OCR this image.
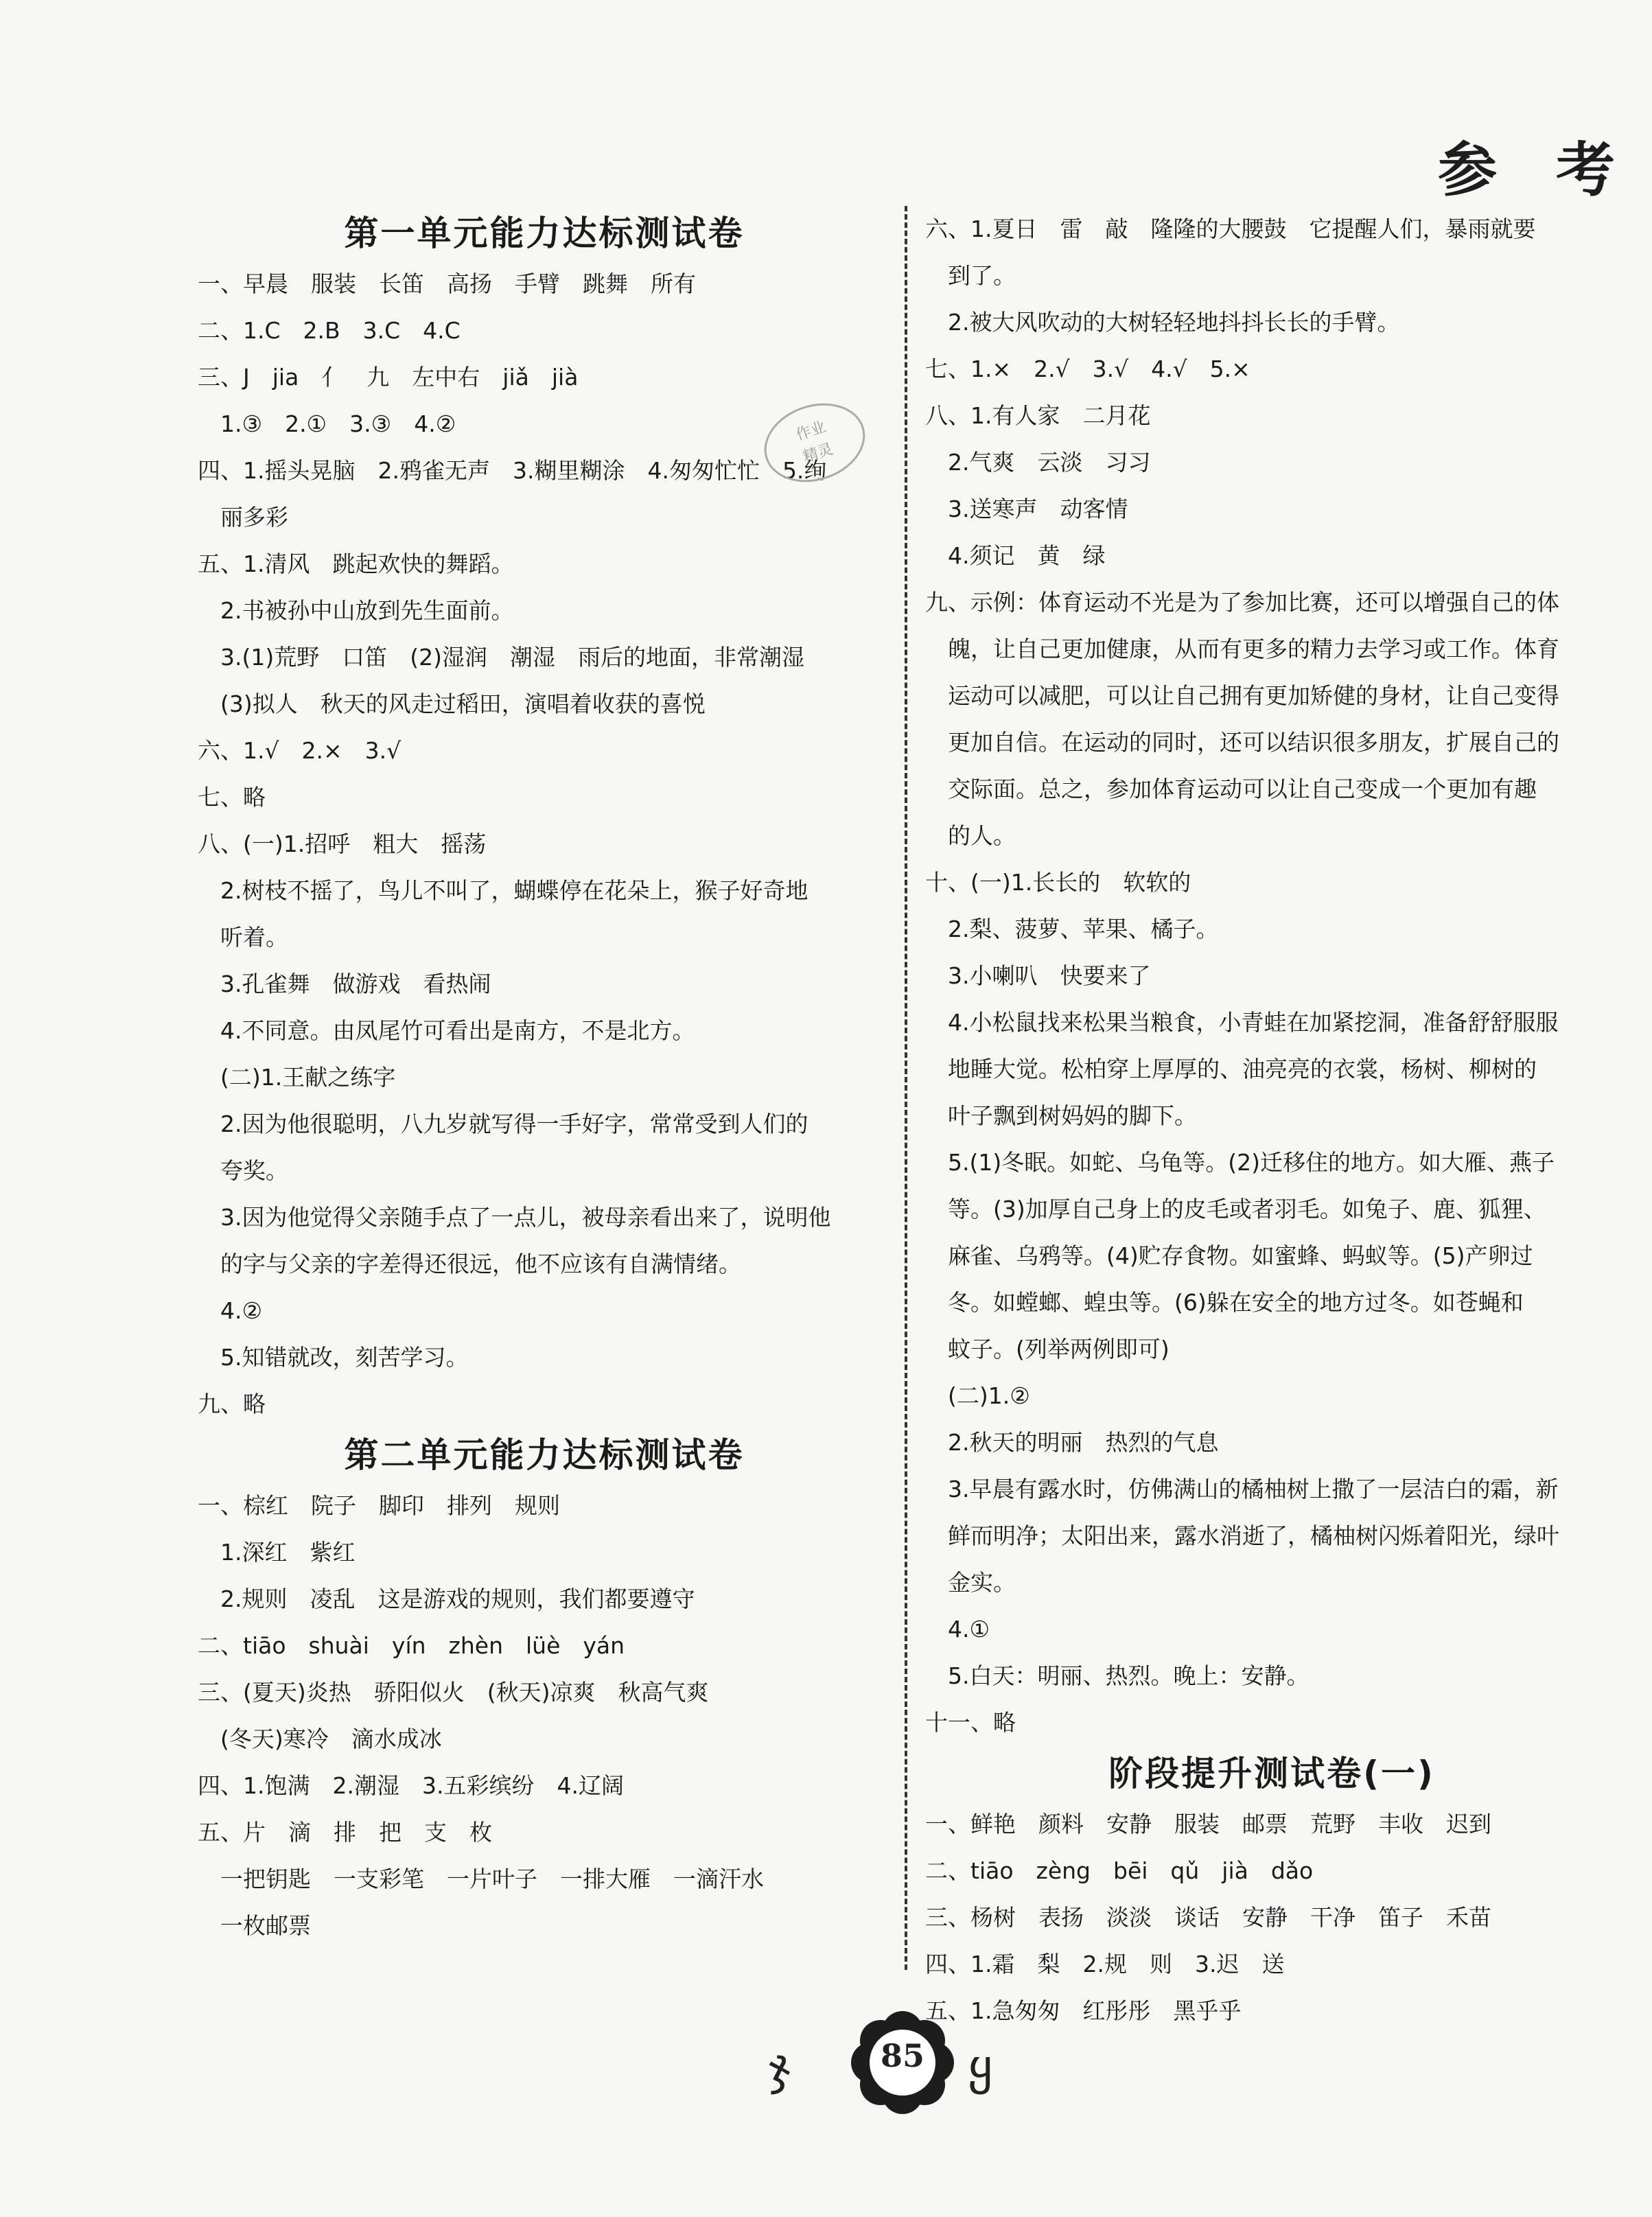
参 考
第一单元能力达标测试卷
一、早晨　服装　长笛　高扬　手臂　跳舞　所有
二、1.C　2.B　3.C　4.C
三、J　jia　亻　九　左中右　jiǎ　jià
　1.③　2.①　3.③　4.②
四、1.摇头晃脑　2.鸦雀无声　3.糊里糊涂　4.匆匆忙忙　5.绚
　丽多彩
五、1.清风　跳起欢快的舞蹈。
　2.书被孙中山放到先生面前。
　3.(1)荒野　口笛　(2)湿润　潮湿　雨后的地面，非常潮湿
　(3)拟人　秋天的风走过稻田，演唱着收获的喜悦
六、1.√　2.×　3.√
七、略
八、(一)1.招呼　粗大　摇荡
　2.树枝不摇了，鸟儿不叫了，蝴蝶停在花朵上，猴子好奇地
　听着。
　3.孔雀舞　做游戏　看热闹
　4.不同意。由凤尾竹可看出是南方，不是北方。
　(二)1.王献之练字
　2.因为他很聪明，八九岁就写得一手好字，常常受到人们的
　夸奖。
　3.因为他觉得父亲随手点了一点儿，被母亲看出来了，说明他
　的字与父亲的字差得还很远，他不应该有自满情绪。
　4.②
　5.知错就改，刻苦学习。
九、略
第二单元能力达标测试卷
一、棕红　院子　脚印　排列　规则
　1.深红　紫红
　2.规则　凌乱　这是游戏的规则，我们都要遵守
二、tiāo　shuài　yín　zhèn　lüè　yán
三、(夏天)炎热　骄阳似火　(秋天)凉爽　秋高气爽
　(冬天)寒冷　滴水成冰
四、1.饱满　2.潮湿　3.五彩缤纷　4.辽阔
五、片　滴　排　把　支　枚
　一把钥匙　一支彩笔　一片叶子　一排大雁　一滴汗水
　一枚邮票
六、1.夏日　雷　敲　隆隆的大腰鼓　它提醒人们，暴雨就要
　到了。
　2.被大风吹动的大树轻轻地抖抖长长的手臂。
七、1.×　2.√　3.√　4.√　5.×
八、1.有人家　二月花
　2.气爽　云淡　习习
　3.送寒声　动客情
　4.须记　黄　绿
九、示例：体育运动不光是为了参加比赛，还可以增强自己的体
　魄，让自己更加健康，从而有更多的精力去学习或工作。体育
　运动可以减肥，可以让自己拥有更加矫健的身材，让自己变得
　更加自信。在运动的同时，还可以结识很多朋友，扩展自己的
　交际面。总之，参加体育运动可以让自己变成一个更加有趣
　的人。
十、(一)1.长长的　软软的
　2.梨、菠萝、苹果、橘子。
　3.小喇叭　快要来了
　4.小松鼠找来松果当粮食，小青蛙在加紧挖洞，准备舒舒服服
　地睡大觉。松柏穿上厚厚的、油亮亮的衣裳，杨树、柳树的
　叶子飘到树妈妈的脚下。
　5.(1)冬眠。如蛇、乌龟等。(2)迁移住的地方。如大雁、燕子
　等。(3)加厚自己身上的皮毛或者羽毛。如兔子、鹿、狐狸、
　麻雀、乌鸦等。(4)贮存食物。如蜜蜂、蚂蚁等。(5)产卵过
　冬。如螳螂、蝗虫等。(6)躲在安全的地方过冬。如苍蝇和
　蚊子。(列举两例即可)
　(二)1.②
　2.秋天的明丽　热烈的气息
　3.早晨有露水时，仿佛满山的橘柚树上撒了一层洁白的霜，新
　鲜而明净；太阳出来，露水消逝了，橘柚树闪烁着阳光，绿叶
　金实。
　4.①
　5.白天：明丽、热烈。晚上：安静。
十一、略
阶段提升测试卷(一)
一、鲜艳　颜料　安静　服装　邮票　荒野　丰收　迟到
二、tiāo　zèng　bēi　qǔ　jià　dǎo
三、杨树　表扬　淡淡　谈话　安静　干净　笛子　禾苗
四、1.霜　梨　2.规　则　3.迟　送
五、1.急匆匆　红彤彤　黑乎乎
作业
精灵
85
ჯ	ყ
